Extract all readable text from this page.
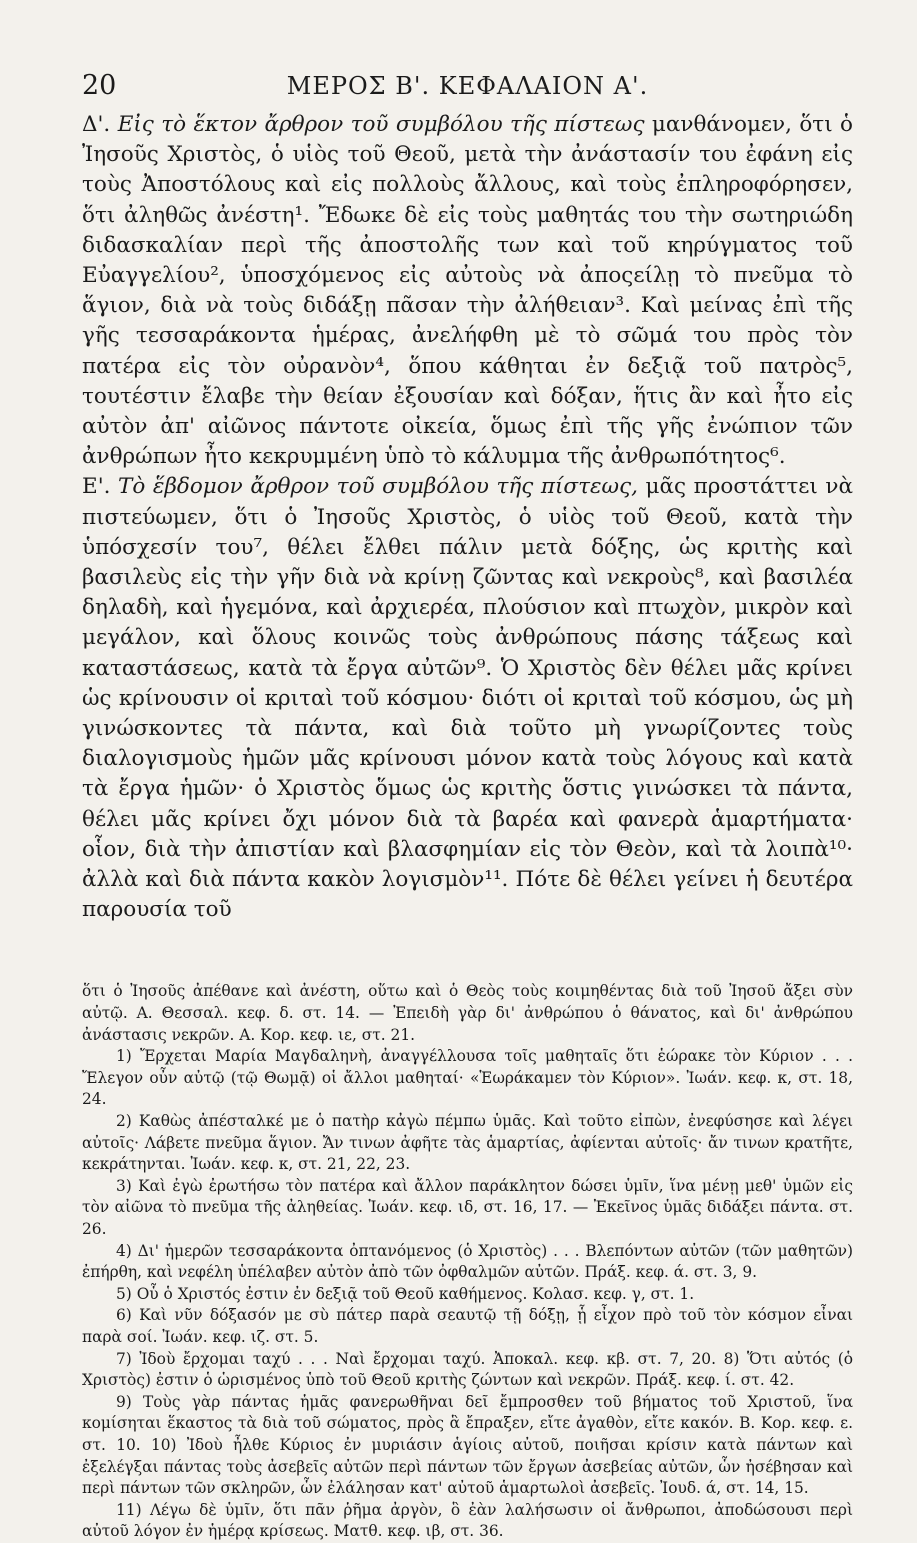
20	ΜΕΡΟΣ Β'. ΚΕΦΑΛΑΙΟΝ Α'.

Δ'. Εἰς τὸ ἕκτον ἄρθρον τοῦ συμβόλου τῆς πίστεως μανθάνομεν, ὅτι ὁ Ἰησοῦς Χριστὸς, ὁ υἱὸς τοῦ Θεοῦ, μετὰ τὴν ἀνάστασίν του ἐφάνη εἰς τοὺς Ἀποστόλους καὶ εἰς πολλοὺς ἄλλους, καὶ τοὺς ἐπληροφόρησεν, ὅτι ἀληθῶς ἀνέστη¹. Ἔδωκε δὲ εἰς τοὺς μαθητάς του τὴν σωτηριώδη διδασκαλίαν περὶ τῆς ἀποστολῆς των καὶ τοῦ κηρύγματος τοῦ Εὐαγγελίου², ὑποσχόμενος εἰς αὐτοὺς νὰ ἀποςείλῃ τὸ πνεῦμα τὸ ἅγιον, διὰ νὰ τοὺς διδάξῃ πᾶσαν τὴν ἀλήθειαν³. Καὶ μείνας ἐπὶ τῆς γῆς τεσσαράκοντα ἡμέρας, ἀνελήφθη μὲ τὸ σῶμά του πρὸς τὸν πατέρα εἰς τὸν οὐρανὸν⁴, ὅπου κάθηται ἐν δεξιᾷ τοῦ πατρὸς⁵, τουτέστιν ἔλαβε τὴν θείαν ἐξουσίαν καὶ δόξαν, ἥτις ἂν καὶ ἦτο εἰς αὐτὸν ἀπ' αἰῶνος πάντοτε οἰκεία, ὅμως ἐπὶ τῆς γῆς ἐνώπιον τῶν ἀνθρώπων ἦτο κεκρυμμένη ὑπὸ τὸ κάλυμμα τῆς ἀνθρωπότητος⁶.

Ε'. Τὸ ἕβδομον ἄρθρον τοῦ συμβόλου τῆς πίστεως, μᾶς προστάττει νὰ πιστεύωμεν, ὅτι ὁ Ἰησοῦς Χριστὸς, ὁ υἱὸς τοῦ Θεοῦ, κατὰ τὴν ὑπόσχεσίν του⁷, θέλει ἔλθει πάλιν μετὰ δόξης, ὡς κριτὴς καὶ βασιλεὺς εἰς τὴν γῆν διὰ νὰ κρίνῃ ζῶντας καὶ νεκροὺς⁸, καὶ βασιλέα δηλαδὴ, καὶ ἡγεμόνα, καὶ ἀρχιερέα, πλούσιον καὶ πτωχὸν, μικρὸν καὶ μεγάλον, καὶ ὅλους κοινῶς τοὺς ἀνθρώπους πάσης τάξεως καὶ καταστάσεως, κατὰ τὰ ἔργα αὐτῶν⁹. Ὁ Χριστὸς δὲν θέλει μᾶς κρίνει ὡς κρίνουσιν οἱ κριταὶ τοῦ κόσμου· διότι οἱ κριταὶ τοῦ κόσμου, ὡς μὴ γινώσκοντες τὰ πάντα, καὶ διὰ τοῦτο μὴ γνωρίζοντες τοὺς διαλογισμοὺς ἡμῶν μᾶς κρίνουσι μόνον κατὰ τοὺς λόγους καὶ κατὰ τὰ ἔργα ἡμῶν· ὁ Χριστὸς ὅμως ὡς κριτὴς ὅστις γινώσκει τὰ πάντα, θέλει μᾶς κρίνει ὄχι μόνον διὰ τὰ βαρέα καὶ φανερὰ ἁμαρτήματα· οἷον, διὰ τὴν ἀπιστίαν καὶ βλασφημίαν εἰς τὸν Θεὸν, καὶ τὰ λοιπὰ¹⁰· ἀλλὰ καὶ διὰ πάντα κακὸν λογισμὸν¹¹. Πότε δὲ θέλει γείνει ἡ δευτέρα παρουσία τοῦ

ὅτι ὁ Ἰησοῦς ἀπέθανε καὶ ἀνέστη, οὕτω καὶ ὁ Θεὸς τοὺς κοιμηθέντας διὰ τοῦ Ἰησοῦ ἄξει σὺν αὐτῷ. Α. Θεσσαλ. κεφ. δ. στ. 14. — Ἐπειδὴ γὰρ δι' ἀνθρώπου ὁ θάνατος, καὶ δι' ἀνθρώπου ἀνάστασις νεκρῶν. Α. Κορ. κεφ. ιε, στ. 21.

1) Ἔρχεται Μαρία Μαγδαληνὴ, ἀναγγέλλουσα τοῖς μαθηταῖς ὅτι ἑώρακε τὸν Κύριον . . . Ἔλεγον οὖν αὐτῷ (τῷ Θωμᾷ) οἱ ἄλλοι μαθηταί· «Ἑωράκαμεν τὸν Κύριον». Ἰωάν. κεφ. κ, στ. 18, 24.

2) Καθὼς ἀπέσταλκέ με ὁ πατὴρ κἀγὼ πέμπω ὑμᾶς. Καὶ τοῦτο εἰπὼν, ἐνεφύσησε καὶ λέγει αὐτοῖς· Λάβετε πνεῦμα ἅγιον. Ἄν τινων ἀφῆτε τὰς ἁμαρτίας, ἀφίενται αὐτοῖς· ἄν τινων κρατῆτε, κεκράτηνται. Ἰωάν. κεφ. κ, στ. 21, 22, 23.

3) Καὶ ἐγὼ ἐρωτήσω τὸν πατέρα καὶ ἄλλον παράκλητον δώσει ὑμῖν, ἵνα μένῃ μεθ' ὑμῶν εἰς τὸν αἰῶνα τὸ πνεῦμα τῆς ἀληθείας. Ἰωάν. κεφ. ιδ, στ. 16, 17. — Ἐκεῖνος ὑμᾶς διδάξει πάντα. στ. 26.

4) Δι' ἡμερῶν τεσσαράκοντα ὀπτανόμενος (ὁ Χριστὸς) . . . Βλεπόντων αὐτῶν (τῶν μαθητῶν) ἐπήρθη, καὶ νεφέλη ὑπέλαβεν αὐτὸν ἀπὸ τῶν ὀφθαλμῶν αὐτῶν. Πράξ. κεφ. ά. στ. 3, 9.

5) Οὗ ὁ Χριστός ἐστιν ἐν δεξιᾷ τοῦ Θεοῦ καθήμενος. Κολασ. κεφ. γ, στ. 1.

6) Καὶ νῦν δόξασόν με σὺ πάτερ παρὰ σεαυτῷ τῇ δόξῃ, ᾗ εἶχον πρὸ τοῦ τὸν κόσμον εἶναι παρὰ σοί. Ἰωάν. κεφ. ιζ. στ. 5.

7) Ἰδοὺ ἔρχομαι ταχύ . . . Ναὶ ἔρχομαι ταχύ. Ἀποκαλ. κεφ. κβ. στ. 7, 20. 8) Ὅτι αὐτός (ὁ Χριστὸς) ἐστιν ὁ ὡρισμένος ὑπὸ τοῦ Θεοῦ κριτὴς ζώντων καὶ νεκρῶν. Πράξ. κεφ. ί. στ. 42.

9) Τοὺς γὰρ πάντας ἡμᾶς φανερωθῆναι δεῖ ἔμπροσθεν τοῦ βήματος τοῦ Χριστοῦ, ἵνα κομίσηται ἕκαστος τὰ διὰ τοῦ σώματος, πρὸς ἃ ἔπραξεν, εἴτε ἀγαθὸν, εἴτε κακόν. Β. Κορ. κεφ. ε. στ. 10. 10) Ἰδοὺ ἦλθε Κύριος ἐν μυριάσιν ἁγίοις αὐτοῦ, ποιῆσαι κρίσιν κατὰ πάντων καὶ ἐξελέγξαι πάντας τοὺς ἀσεβεῖς αὐτῶν περὶ πάντων τῶν ἔργων ἀσεβείας αὐτῶν, ὧν ἠσέβησαν καὶ περὶ πάντων τῶν σκληρῶν, ὧν ἐλάλησαν κατ' αὐτοῦ ἁμαρτωλοὶ ἀσεβεῖς. Ἰουδ. ά, στ. 14, 15.

11) Λέγω δὲ ὑμῖν, ὅτι πᾶν ῥῆμα ἀργὸν, ὃ ἐὰν λαλήσωσιν οἱ ἄνθρωποι, ἀποδώσουσι περὶ αὐτοῦ λόγον ἐν ἡμέρᾳ κρίσεως. Ματθ. κεφ. ιβ, στ. 36.
